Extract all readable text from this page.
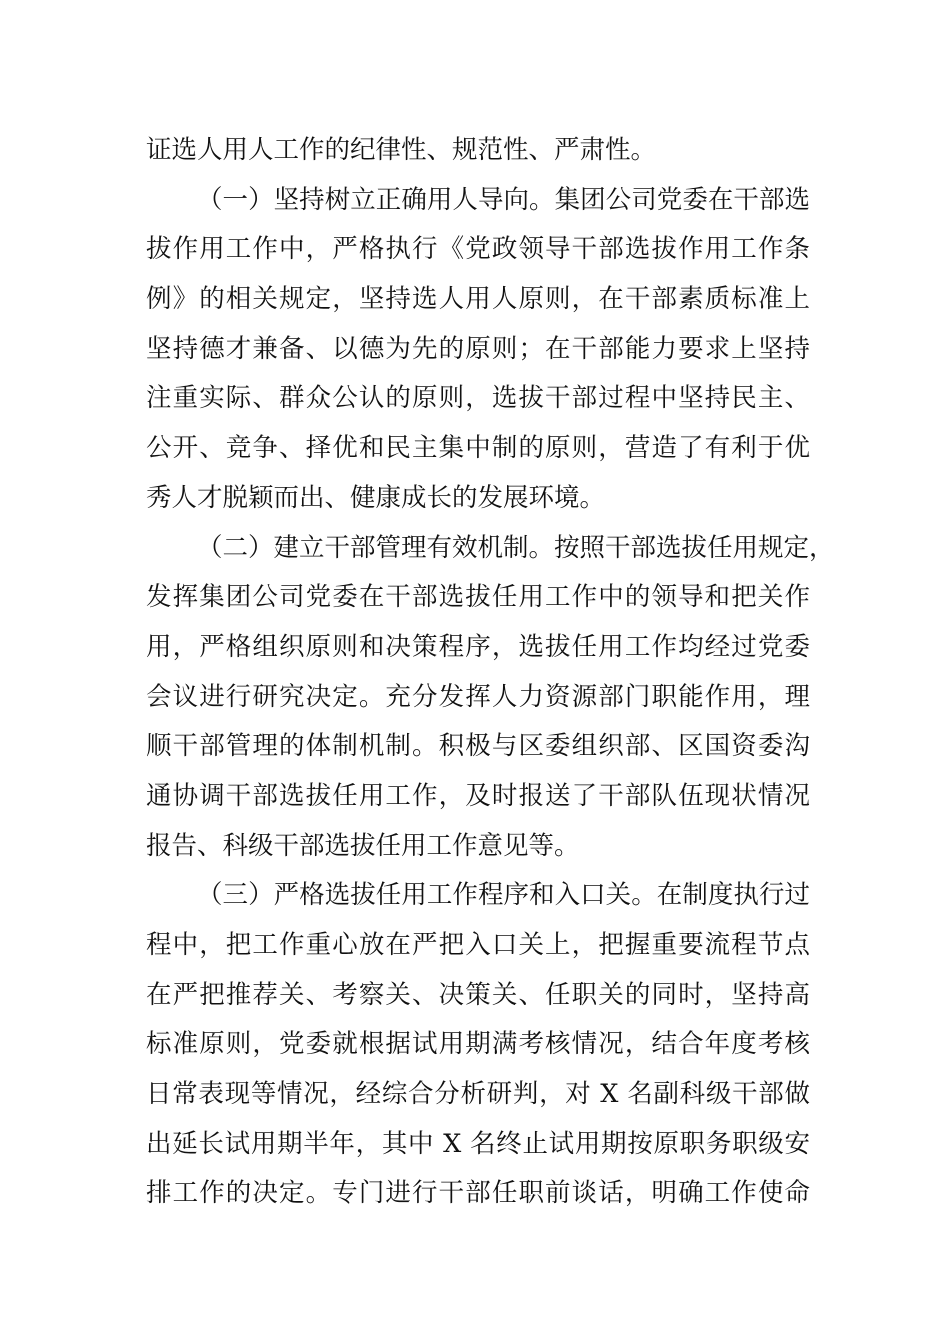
证选人用人工作的纪律性、规范性、严肃性。
（一）坚持树立正确用人导向。集团公司党委在干部选
拔作用工作中，严格执行《党政领导干部选拔作用工作条
例》的相关规定，坚持选人用人原则，在干部素质标准上
坚持德才兼备、以德为先的原则；在干部能力要求上坚持
注重实际、群众公认的原则，选拔干部过程中坚持民主、
公开、竞争、择优和民主集中制的原则，营造了有利于优
秀人才脱颖而出、健康成长的发展环境。
（二）建立干部管理有效机制。按照干部选拔任用规定，
发挥集团公司党委在干部选拔任用工作中的领导和把关作
用，严格组织原则和决策程序，选拔任用工作均经过党委
会议进行研究决定。充分发挥人力资源部门职能作用，理
顺干部管理的体制机制。积极与区委组织部、区国资委沟
通协调干部选拔任用工作，及时报送了干部队伍现状情况
报告、科级干部选拔任用工作意见等。
（三）严格选拔任用工作程序和入口关。在制度执行过
程中，把工作重心放在严把入口关上，把握重要流程节点
在严把推荐关、考察关、决策关、任职关的同时，坚持高
标准原则，党委就根据试用期满考核情况，结合年度考核
日常表现等情况，经综合分析研判，对 X 名副科级干部做
出延长试用期半年，其中 X 名终止试用期按原职务职级安
排工作的决定。专门进行干部任职前谈话，明确工作使命
